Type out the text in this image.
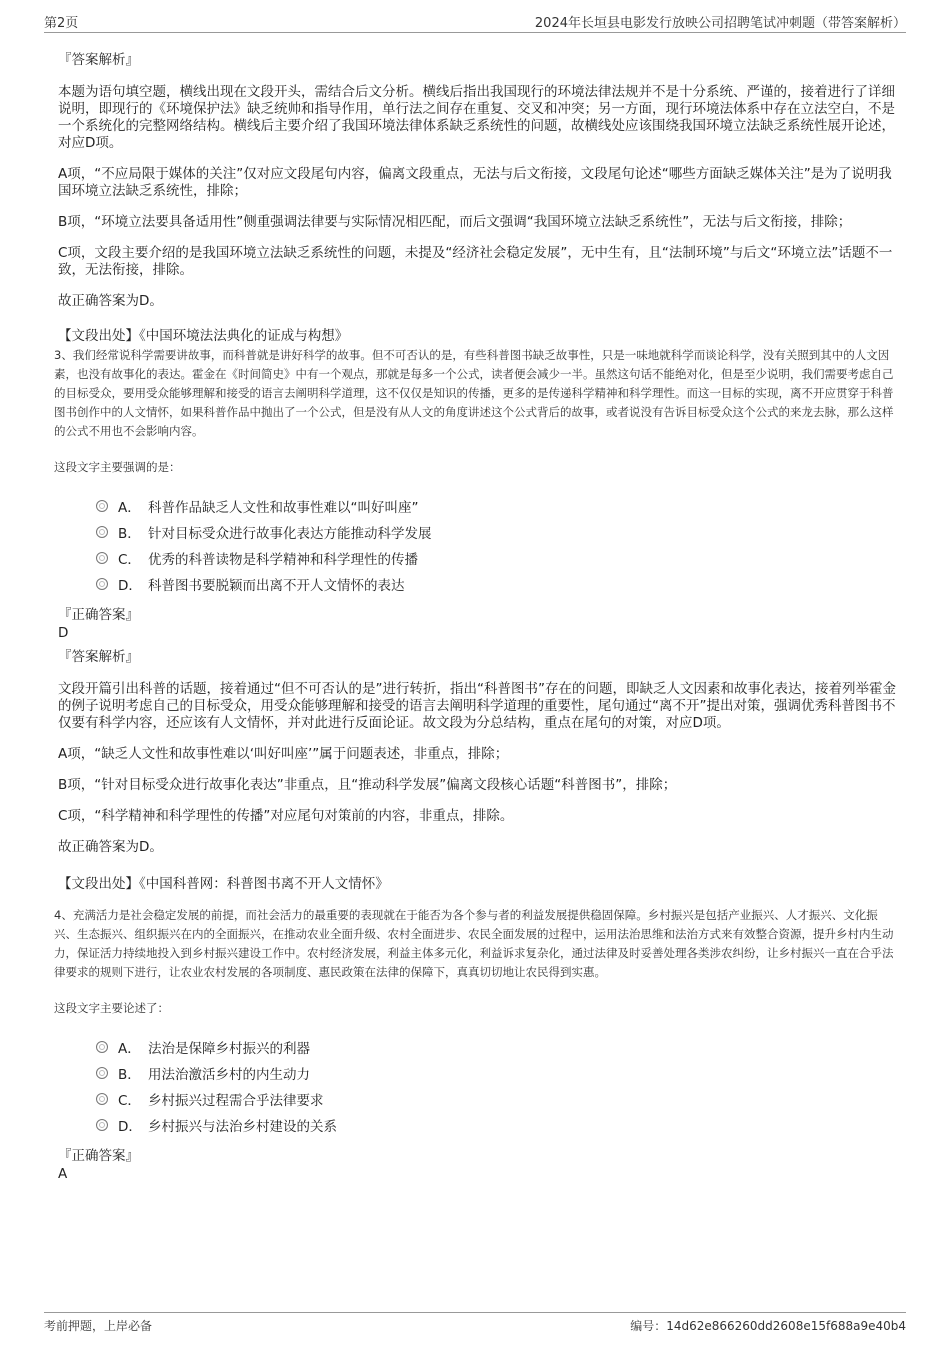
第2页	2024年长垣县电影发行放映公司招聘笔试冲刺题（带答案解析）
『答案解析』
本题为语句填空题，横线出现在文段开头，需结合后文分析。横线后指出我国现行的环境法律法规并不是十分系统、严谨的，接着进行了详细说明，即现行的《环境保护法》缺乏统帅和指导作用，单行法之间存在重复、交叉和冲突；另一方面，现行环境法体系中存在立法空白，不是一个系统化的完整网络结构。横线后主要介绍了我国环境法律体系缺乏系统性的问题，故横线处应该围绕我国环境立法缺乏系统性展开论述，对应D项。
A项，“不应局限于媒体的关注”仅对应文段尾句内容，偏离文段重点，无法与后文衔接，文段尾句论述“哪些方面缺乏媒体关注”是为了说明我国环境立法缺乏系统性，排除；
B项，“环境立法要具备适用性”侧重强调法律要与实际情况相匹配，而后文强调“我国环境立法缺乏系统性”，无法与后文衔接，排除；
C项，文段主要介绍的是我国环境立法缺乏系统性的问题，未提及“经济社会稳定发展”，无中生有，且“法制环境”与后文“环境立法”话题不一致，无法衔接，排除。
故正确答案为D。
【文段出处】《中国环境法法典化的证成与构想》
3、我们经常说科学需要讲故事，而科普就是讲好科学的故事。但不可否认的是，有些科普图书缺乏故事性，只是一味地就科学而谈论科学，没有关照到其中的人文因素，也没有故事化的表达。霍金在《时间简史》中有一个观点，那就是每多一个公式，读者便会减少一半。虽然这句话不能绝对化，但是至少说明，我们需要考虑自己的目标受众，要用受众能够理解和接受的语言去阐明科学道理，这不仅仅是知识的传播，更多的是传递科学精神和科学理性。而这一目标的实现，离不开应贯穿于科普图书创作中的人文情怀，如果科普作品中抛出了一个公式，但是没有从人文的角度讲述这个公式背后的故事，或者说没有告诉目标受众这个公式的来龙去脉，那么这样的公式不用也不会影响内容。
这段文字主要强调的是：
A． 科普作品缺乏人文性和故事性难以“叫好叫座”
B． 针对目标受众进行故事化表达方能推动科学发展
C． 优秀的科普读物是科学精神和科学理性的传播
D． 科普图书要脱颖而出离不开人文情怀的表达
『正确答案』
D
『答案解析』
文段开篇引出科普的话题，接着通过“但不可否认的是”进行转折，指出“科普图书”存在的问题，即缺乏人文因素和故事化表达，接着列举霍金的例子说明考虑自己的目标受众，用受众能够理解和接受的语言去阐明科学道理的重要性，尾句通过“离不开”提出对策，强调优秀科普图书不仅要有科学内容，还应该有人文情怀，并对此进行反面论证。故文段为分总结构，重点在尾句的对策，对应D项。
A项，“缺乏人文性和故事性难以‘叫好叫座’”属于问题表述，非重点，排除；
B项，“针对目标受众进行故事化表达”非重点，且“推动科学发展”偏离文段核心话题“科普图书”，排除；
C项，“科学精神和科学理性的传播”对应尾句对策前的内容，非重点，排除。
故正确答案为D。
【文段出处】《中国科普网：科普图书离不开人文情怀》
4、充满活力是社会稳定发展的前提，而社会活力的最重要的表现就在于能否为各个参与者的利益发展提供稳固保障。乡村振兴是包括产业振兴、人才振兴、文化振兴、生态振兴、组织振兴在内的全面振兴，在推动农业全面升级、农村全面进步、农民全面发展的过程中，运用法治思维和法治方式来有效整合资源，提升乡村内生动力，保证活力持续地投入到乡村振兴建设工作中。农村经济发展，利益主体多元化，利益诉求复杂化，通过法律及时妥善处理各类涉农纠纷，让乡村振兴一直在合乎法律要求的规则下进行，让农业农村发展的各项制度、惠民政策在法律的保障下，真真切切地让农民得到实惠。
这段文字主要论述了：
A． 法治是保障乡村振兴的利器
B． 用法治激活乡村的内生动力
C． 乡村振兴过程需合乎法律要求
D． 乡村振兴与法治乡村建设的关系
『正确答案』
A
考前押题，上岸必备	编号：14d62e866260dd2608e15f688a9e40b4
